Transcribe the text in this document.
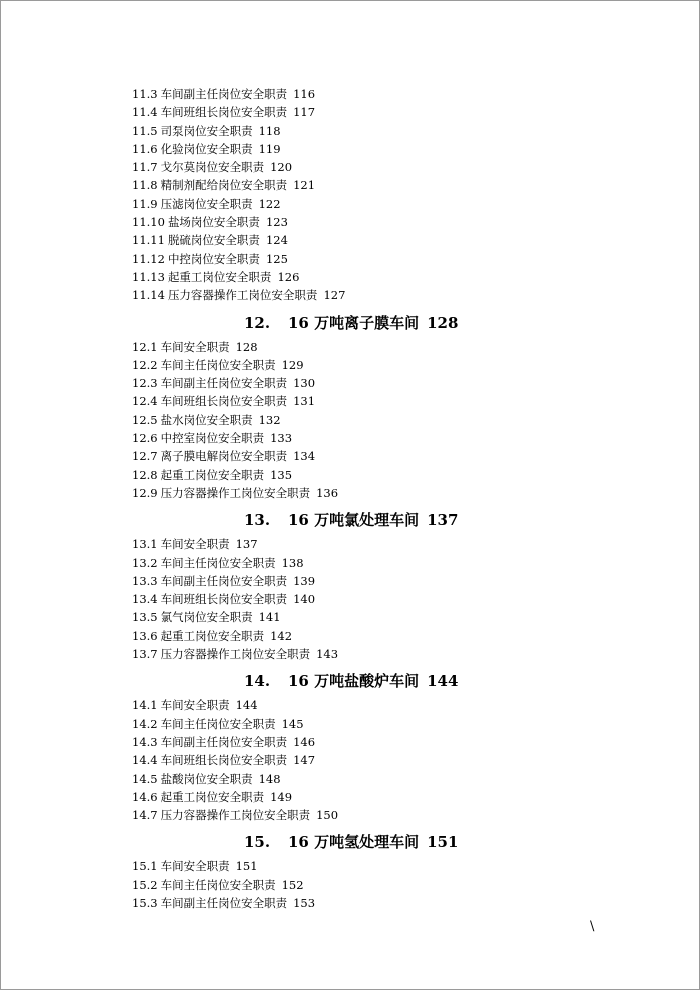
11.3 车间副主任岗位安全职责 116
11.4 车间班组长岗位安全职责 117
11.5 司泵岗位安全职责 118
11.6 化验岗位安全职责 119
11.7 戈尔莫岗位安全职责 120
11.8 精制剂配给岗位安全职责 121
11.9 压滤岗位安全职责 122
11.10 盐场岗位安全职责 123
11.11 脱硫岗位安全职责 124
11.12 中控岗位安全职责 125
11.13 起重工岗位安全职责 126
11.14 压力容器操作工岗位安全职责 127
12. 16 万吨离子膜车间 128
12.1 车间安全职责 128
12.2 车间主任岗位安全职责 129
12.3 车间副主任岗位安全职责 130
12.4 车间班组长岗位安全职责 131
12.5 盐水岗位安全职责 132
12.6 中控室岗位安全职责 133
12.7 离子膜电解岗位安全职责 134
12.8 起重工岗位安全职责 135
12.9 压力容器操作工岗位安全职责 136
13. 16 万吨氯处理车间 137
13.1 车间安全职责 137
13.2 车间主任岗位安全职责 138
13.3 车间副主任岗位安全职责 139
13.4 车间班组长岗位安全职责 140
13.5 氯气岗位安全职责 141
13.6 起重工岗位安全职责 142
13.7 压力容器操作工岗位安全职责 143
14. 16 万吨盐酸炉车间 144
14.1 车间安全职责 144
14.2 车间主任岗位安全职责 145
14.3 车间副主任岗位安全职责 146
14.4 车间班组长岗位安全职责 147
14.5 盐酸岗位安全职责 148
14.6 起重工岗位安全职责 149
14.7 压力容器操作工岗位安全职责 150
15. 16 万吨氢处理车间 151
15.1 车间安全职责 151
15.2 车间主任岗位安全职责 152
15.3 车间副主任岗位安全职责 153
\
